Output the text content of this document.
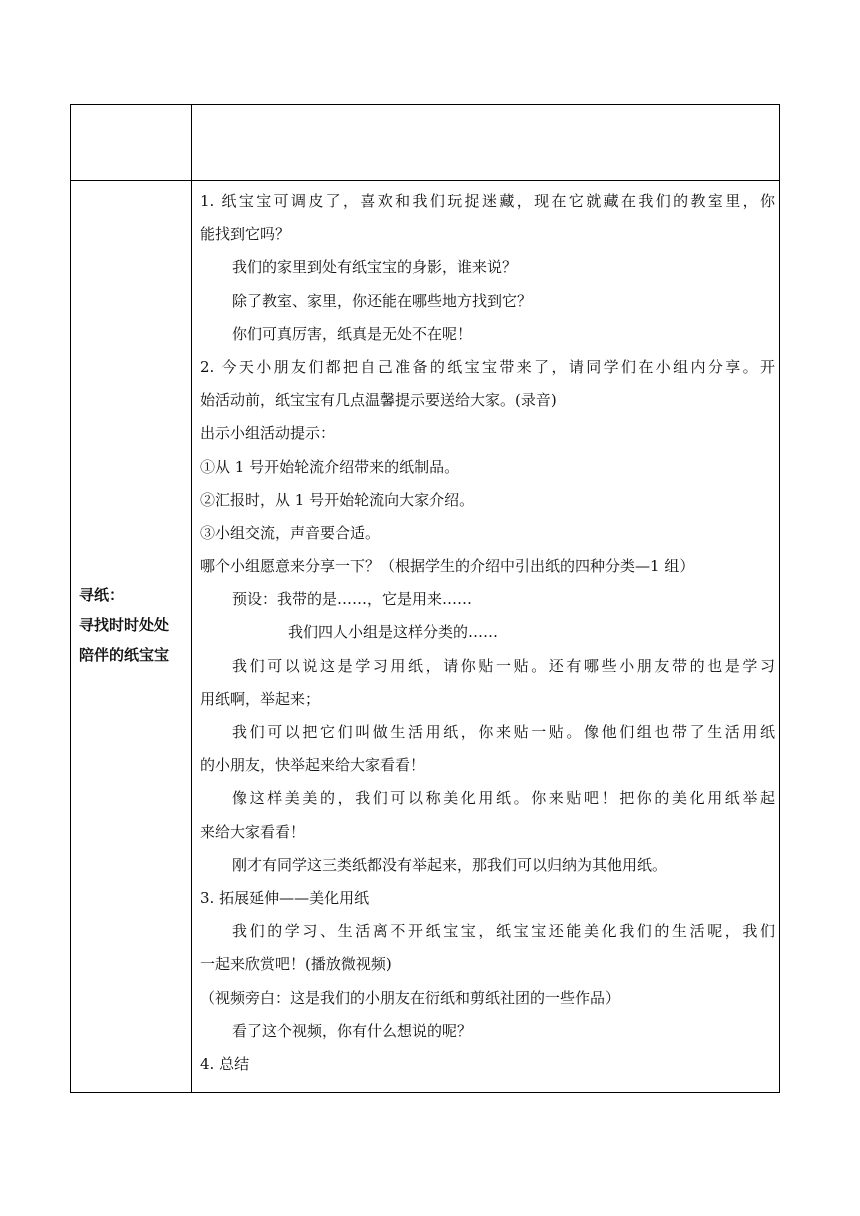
寻纸：
寻找时时处处
陪伴的纸宝宝
1. 纸宝宝可调皮了，喜欢和我们玩捉迷藏，现在它就藏在我们的教室里，你
能找到它吗？
我们的家里到处有纸宝宝的身影，谁来说？
除了教室、家里，你还能在哪些地方找到它？
你们可真厉害，纸真是无处不在呢！
2. 今天小朋友们都把自己准备的纸宝宝带来了，请同学们在小组内分享。开
始活动前，纸宝宝有几点温馨提示要送给大家。(录音)
出示小组活动提示：
①从 1 号开始轮流介绍带来的纸制品。
②汇报时，从 1 号开始轮流向大家介绍。
③小组交流，声音要合适。
哪个小组愿意来分享一下？（根据学生的介绍中引出纸的四种分类—1 组）
预设：我带的是……，它是用来……
我们四人小组是这样分类的……
我们可以说这是学习用纸，请你贴一贴。还有哪些小朋友带的也是学习
用纸啊，举起来；
我们可以把它们叫做生活用纸，你来贴一贴。像他们组也带了生活用纸
的小朋友，快举起来给大家看看！
像这样美美的，我们可以称美化用纸。你来贴吧！把你的美化用纸举起
来给大家看看！
刚才有同学这三类纸都没有举起来，那我们可以归纳为其他用纸。
3. 拓展延伸——美化用纸
我们的学习、生活离不开纸宝宝，纸宝宝还能美化我们的生活呢，我们
一起来欣赏吧！(播放微视频)
（视频旁白：这是我们的小朋友在衍纸和剪纸社团的一些作品）
看了这个视频，你有什么想说的呢？
4. 总结
